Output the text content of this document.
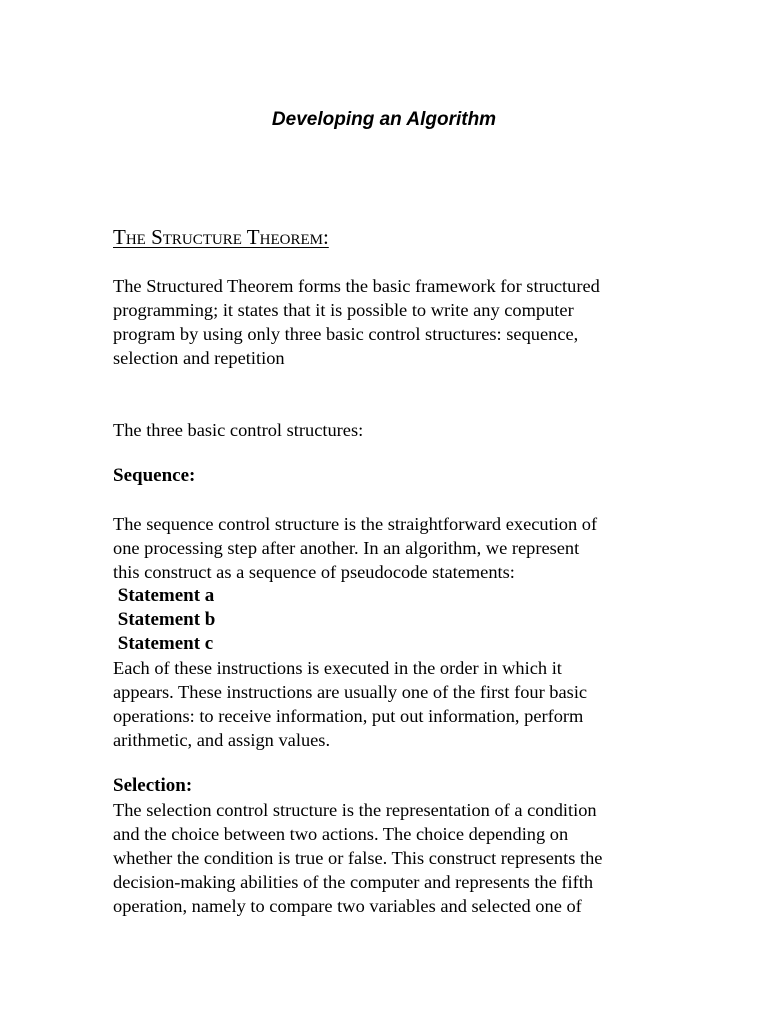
Developing an Algorithm
The Structure Theorem:

The Structured Theorem forms the basic framework for structured
programming; it states that it is possible to write any computer
program by using only three basic control structures: sequence,
selection and repetition

The three basic control structures:

Sequence:

The sequence control structure is the straightforward execution of
one processing step after another. In an algorithm, we represent
this construct as a sequence of pseudocode statements:

Statement a
Statement b
Statement c

Each of these instructions is executed in the order in which it
appears. These instructions are usually one of the first four basic
operations: to receive information, put out information, perform
arithmetic, and assign values.

Selection:

The selection control structure is the representation of a condition
and the choice between two actions. The choice depending on
whether the condition is true or false. This construct represents the
decision-making abilities of the computer and represents the fifth
operation, namely to compare two variables and selected one of
